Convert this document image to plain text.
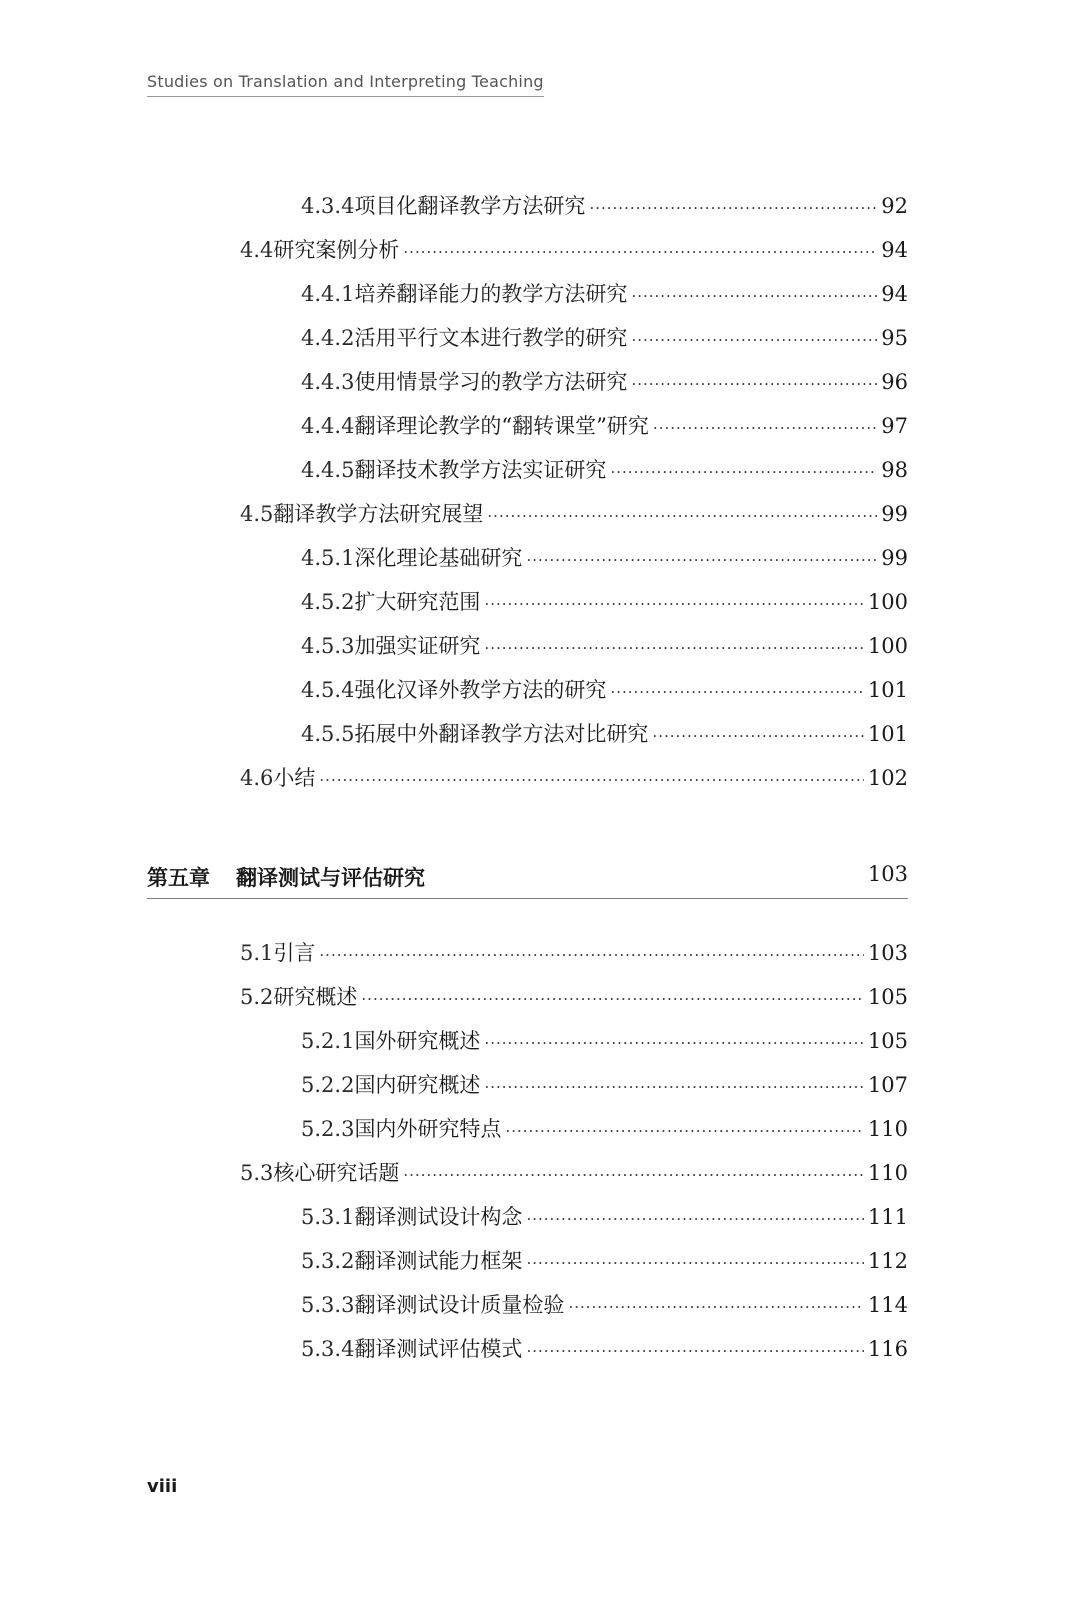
Studies on Translation and Interpreting Teaching
4.3.4 项目化翻译教学方法研究 ·····	92
4.4 研究案例分析 ·····	94
4.4.1 培养翻译能力的教学方法研究 ·····	94
4.4.2 活用平行文本进行教学的研究 ·····	95
4.4.3 使用情景学习的教学方法研究 ·····	96
4.4.4 翻译理论教学的“翻转课堂”研究 ·····	97
4.4.5 翻译技术教学方法实证研究 ·····	98
4.5 翻译教学方法研究展望 ·····	99
4.5.1 深化理论基础研究 ·····	99
4.5.2 扩大研究范围 ·····	100
4.5.3 加强实证研究 ·····	100
4.5.4 强化汉译外教学方法的研究 ·····	101
4.5.5 拓展中外翻译教学方法对比研究 ·····	101
4.6 小结 ·····	102
第五章 翻译测试与评估研究	103
5.1 引言 ·····	103
5.2 研究概述 ·····	105
5.2.1 国外研究概述 ·····	105
5.2.2 国内研究概述 ·····	107
5.2.3 国内外研究特点 ·····	110
5.3 核心研究话题 ·····	110
5.3.1 翻译测试设计构念 ·····	111
5.3.2 翻译测试能力框架 ·····	112
5.3.3 翻译测试设计质量检验 ·····	114
5.3.4 翻译测试评估模式 ·····	116
viii
